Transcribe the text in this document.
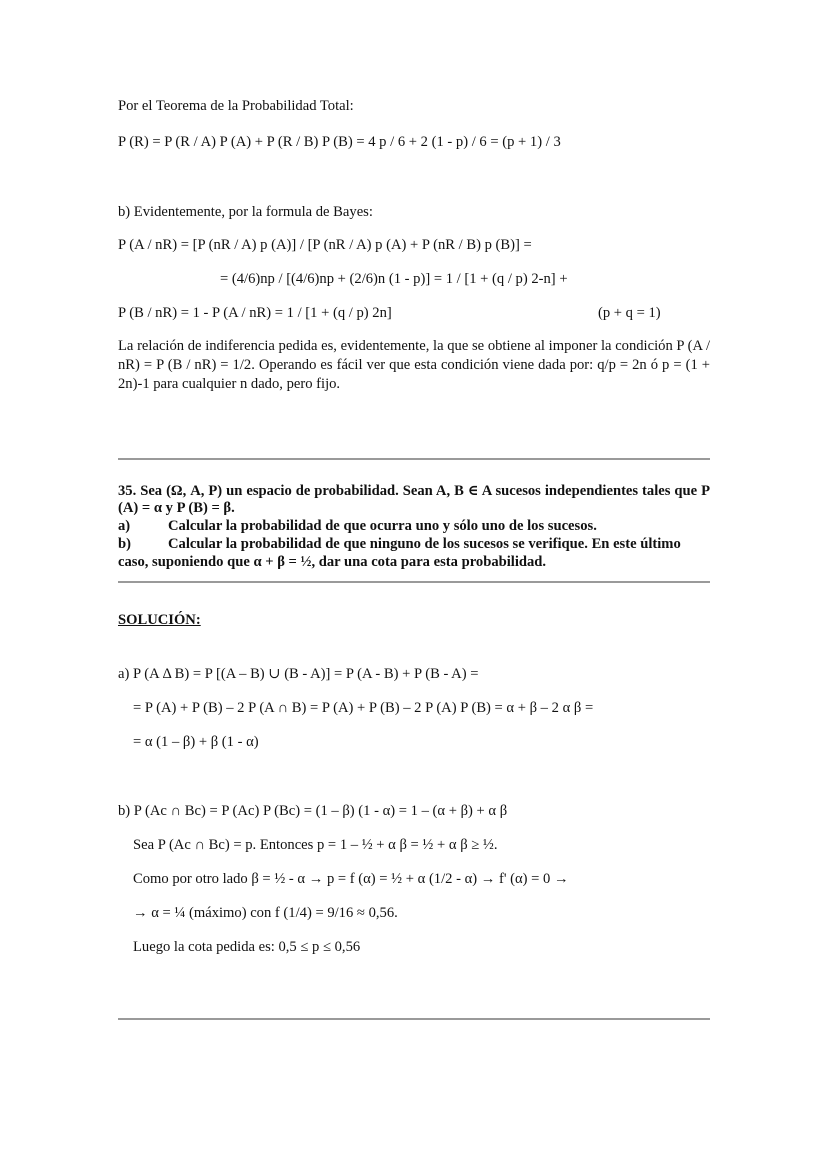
Por el Teorema de la Probabilidad Total:
P (R) = P (R / A) P (A) + P (R / B) P (B) = 4 p / 6 + 2 (1 - p) / 6 = (p + 1) / 3
b) Evidentemente, por la formula de Bayes:
P (A / nR) = [P (nR / A) p (A)] / [P (nR / A) p (A) + P (nR / B) p (B)] =
= (4/6)np / [(4/6)np + (2/6)n (1 - p)] = 1 / [1 + (q / p) 2-n] +
P (B / nR) = 1 - P (A / nR) = 1 / [1 + (q / p) 2n]	(p + q = 1)
La relación de indiferencia pedida es, evidentemente, la que se obtiene al imponer la condición P (A / nR) = P (B / nR) = 1/2. Operando es fácil ver que esta condición viene dada por: q/p = 2n ó p = (1 + 2n)-1 para cualquier n dado, pero fijo.
35. Sea (Ω, A, P) un espacio de probabilidad. Sean A, B ∈ A sucesos independientes tales que P (A) = α y P (B) = β.
a)	Calcular la probabilidad de que ocurra uno y sólo uno de los sucesos.
b)	Calcular la probabilidad de que ninguno de los sucesos se verifique. En este último
caso, suponiendo que α + β = ½, dar una cota para esta probabilidad.
SOLUCIÓN:
a) P (A Δ B) = P [(A – B) ∪ (B - A)] = P (A - B) + P (B - A) =
= P (A) + P (B) – 2 P (A ∩ B) = P (A) + P (B) – 2 P (A) P (B) = α + β – 2 α β =
= α (1 – β) + β (1 - α)
b) P (Ac ∩ Bc) = P (Ac) P (Bc) = (1 – β) (1 - α) = 1 – (α + β) + α β
Sea P (Ac ∩ Bc) = p. Entonces p = 1 – ½ + α β = ½ + α β ≥ ½.
Como por otro lado β = ½ - α → p = f (α) = ½ + α (1/2 - α) → f' (α) = 0 →
→ α = ¼ (máximo) con f (1/4) = 9/16 ≈ 0,56.
Luego la cota pedida es: 0,5 ≤ p ≤ 0,56
